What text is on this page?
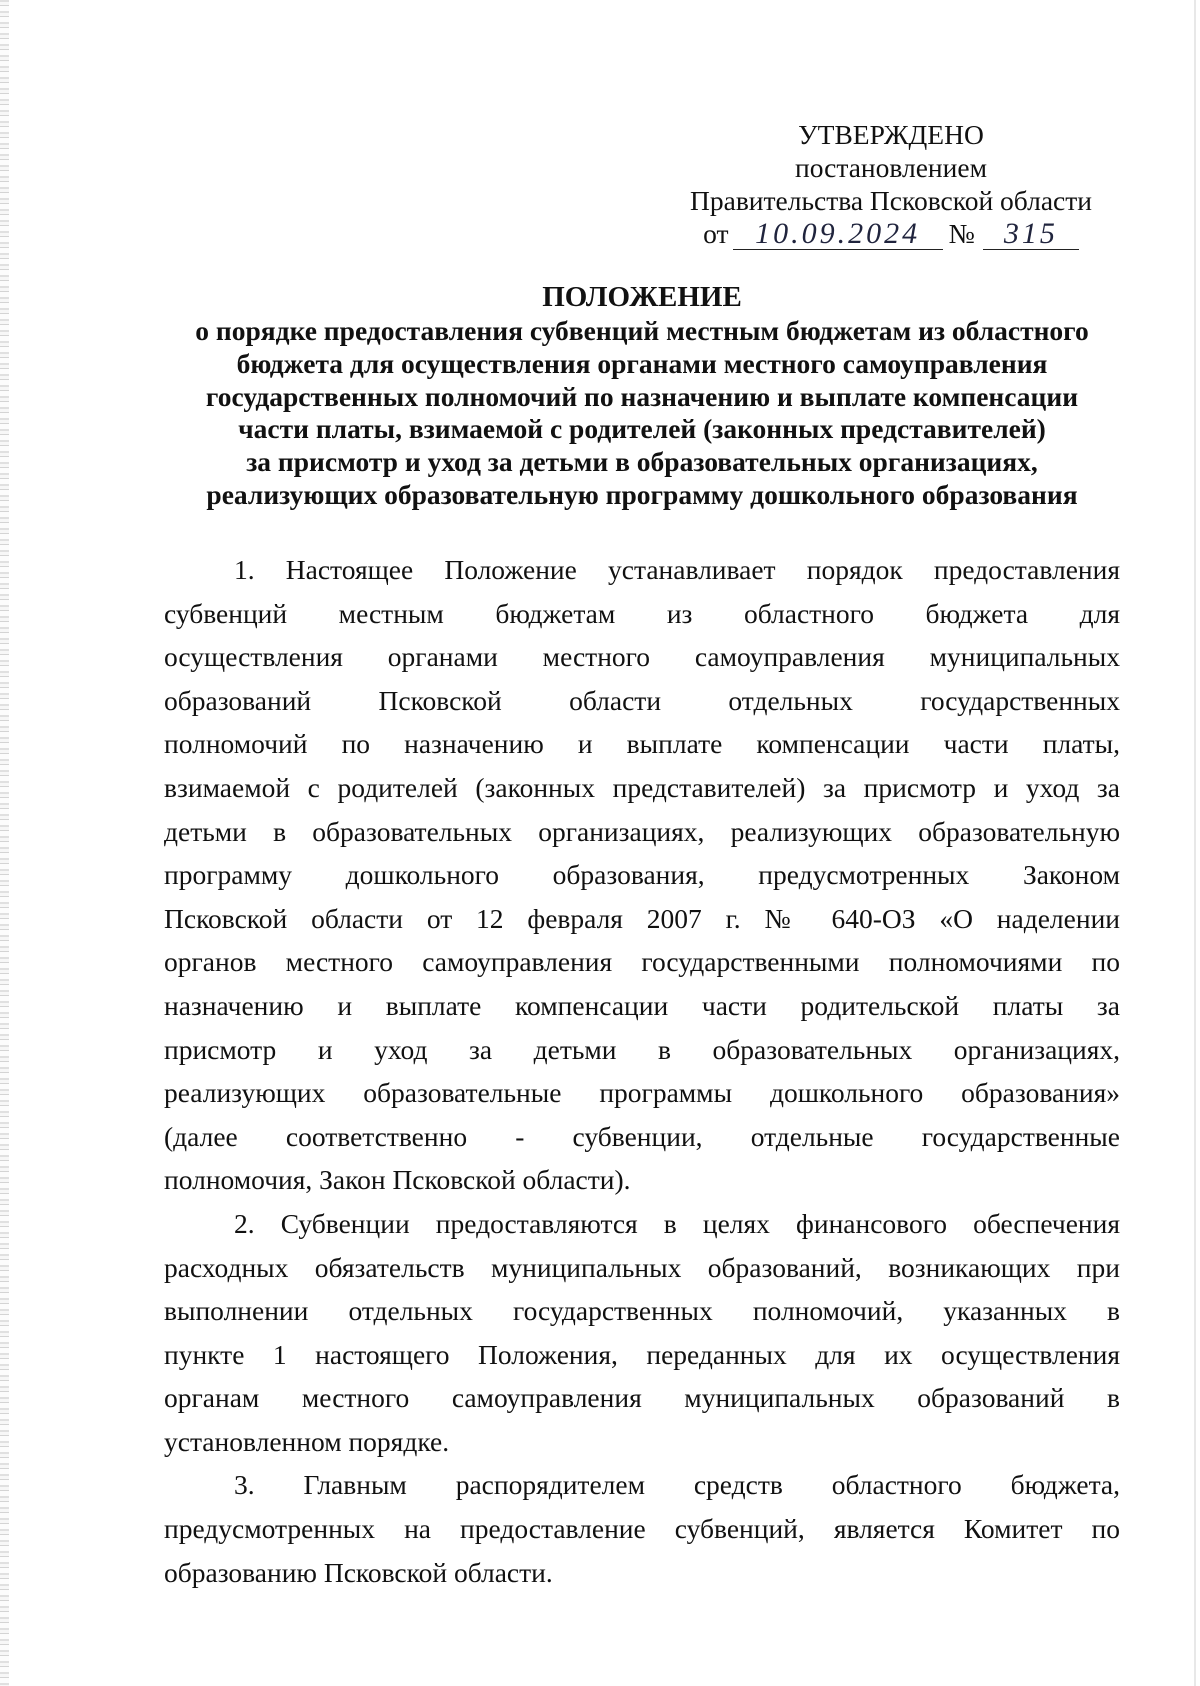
УТВЕРЖДЕНО
постановлением
Правительства Псковской области
от 10.09.2024 № 315
ПОЛОЖЕНИЕ
о порядке предоставления субвенций местным бюджетам из областного
бюджета для осуществления органами местного самоуправления
государственных полномочий по назначению и выплате компенсации
части платы, взимаемой с родителей (законных представителей)
за присмотр и уход за детьми в образовательных организациях,
реализующих образовательную программу дошкольного образования
1. Настоящее Положение устанавливает порядок предоставления
субвенций местным бюджетам из областного бюджета для
осуществления органами местного самоуправления муниципальных
образований Псковской области отдельных государственных
полномочий по назначению и выплате компенсации части платы,
взимаемой с родителей (законных представителей) за присмотр и уход за
детьми в образовательных организациях, реализующих образовательную
программу дошкольного образования, предусмотренных Законом
Псковской области от 12 февраля 2007 г. № 640-ОЗ «О наделении
органов местного самоуправления государственными полномочиями по
назначению и выплате компенсации части родительской платы за
присмотр и уход за детьми в образовательных организациях,
реализующих образовательные программы дошкольного образования»
(далее соответственно - субвенции, отдельные государственные
полномочия, Закон Псковской области).
2. Субвенции предоставляются в целях финансового обеспечения
расходных обязательств муниципальных образований, возникающих при
выполнении отдельных государственных полномочий, указанных в
пункте 1 настоящего Положения, переданных для их осуществления
органам местного самоуправления муниципальных образований в
установленном порядке.
3. Главным распорядителем средств областного бюджета,
предусмотренных на предоставление субвенций, является Комитет по
образованию Псковской области.
